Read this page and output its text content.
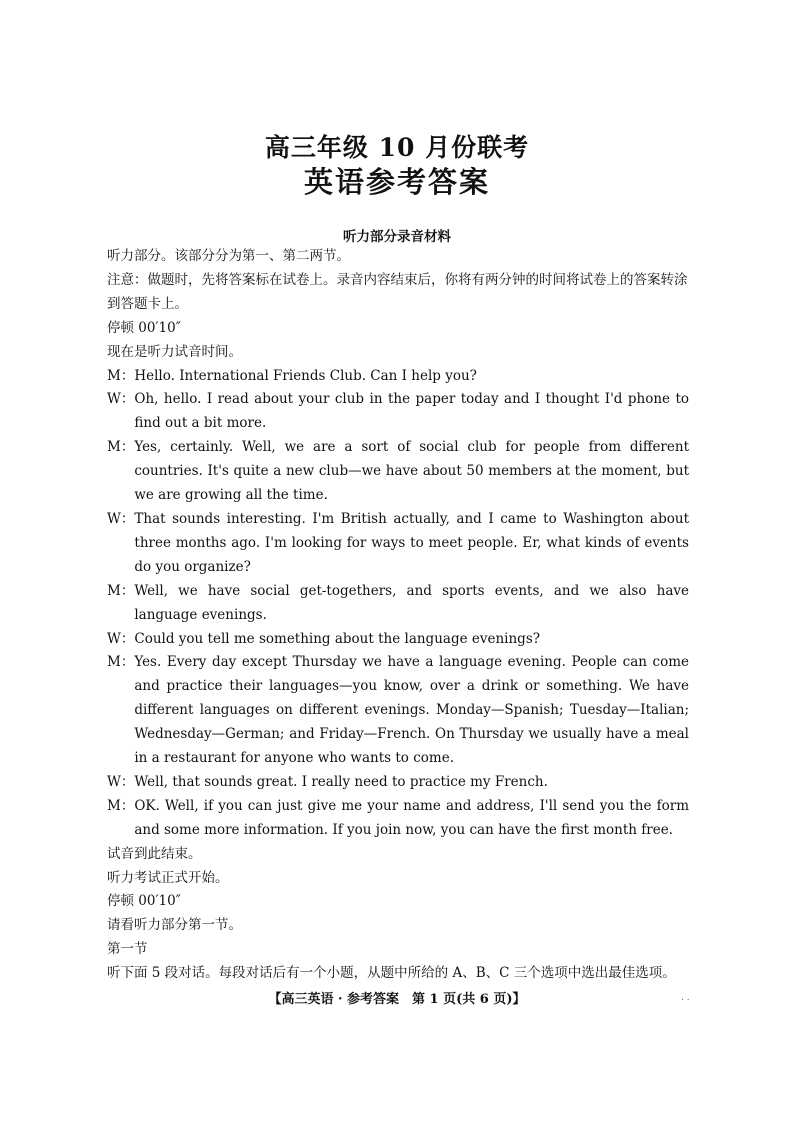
高三年级 10 月份联考
英语参考答案
听力部分录音材料

听力部分。该部分分为第一、第二两节。

注意：做题时，先将答案标在试卷上。录音内容结束后，你将有两分钟的时间将试卷上的答案转涂到答题卡上。

停顿 00′10″

现在是听力试音时间。

M： Hello. International Friends Club. Can I help you?
W： Oh, hello. I read about your club in the paper today and I thought I'd phone to find out a bit more.
M： Yes, certainly. Well, we are a sort of social club for people from different countries. It's quite a new club—we have about 50 members at the moment, but we are growing all the time.
W： That sounds interesting. I'm British actually, and I came to Washington about three months ago. I'm looking for ways to meet people. Er, what kinds of events do you organize?
M： Well, we have social get-togethers, and sports events, and we also have language evenings.
W： Could you tell me something about the language evenings?
M： Yes. Every day except Thursday we have a language evening. People can come and practice their languages—you know, over a drink or something. We have different languages on different evenings. Monday—Spanish; Tuesday—Italian; Wednesday—German; and Friday—French. On Thursday we usually have a meal in a restaurant for anyone who wants to come.
W： Well, that sounds great. I really need to practice my French.
M： OK. Well, if you can just give me your name and address, I'll send you the form and some more information. If you join now, you can have the first month free.

试音到此结束。

听力考试正式开始。

停顿 00′10″

请看听力部分第一节。

第一节

听下面 5 段对话。每段对话后有一个小题，从题中所给的 A、B、C 三个选项中选出最佳选项。

【高三英语 · 参考答案　第 1 页(共 6 页)】	. .
